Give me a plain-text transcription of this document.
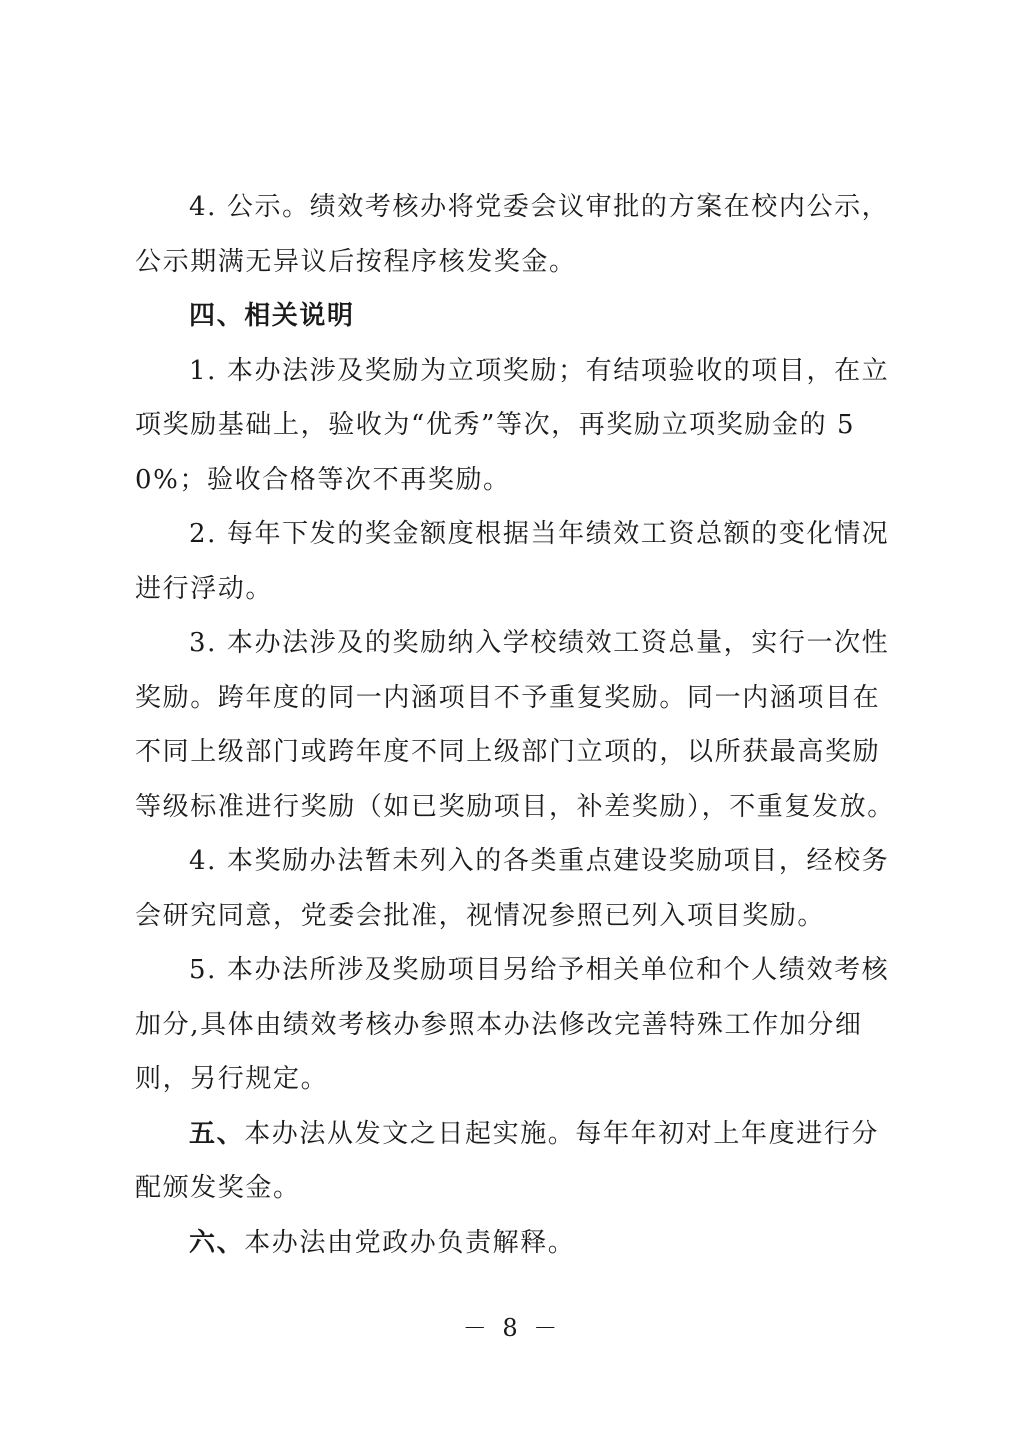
4. 公示。绩效考核办将党委会议审批的方案在校内公示，公示期满无异议后按程序核发奖金。

四、相关说明

1. 本办法涉及奖励为立项奖励；有结项验收的项目，在立项奖励基础上，验收为“优秀”等次，再奖励立项奖励金的 50%；验收合格等次不再奖励。

2. 每年下发的奖金额度根据当年绩效工资总额的变化情况进行浮动。

3. 本办法涉及的奖励纳入学校绩效工资总量，实行一次性奖励。跨年度的同一内涵项目不予重复奖励。同一内涵项目在不同上级部门或跨年度不同上级部门立项的，以所获最高奖励等级标准进行奖励（如已奖励项目，补差奖励），不重复发放。

4. 本奖励办法暂未列入的各类重点建设奖励项目，经校务会研究同意，党委会批准，视情况参照已列入项目奖励。

5. 本办法所涉及奖励项目另给予相关单位和个人绩效考核加分,具体由绩效考核办参照本办法修改完善特殊工作加分细则，另行规定。

五、本办法从发文之日起实施。每年年初对上年度进行分配颁发奖金。

六、本办法由党政办负责解释。

－ 8 －
